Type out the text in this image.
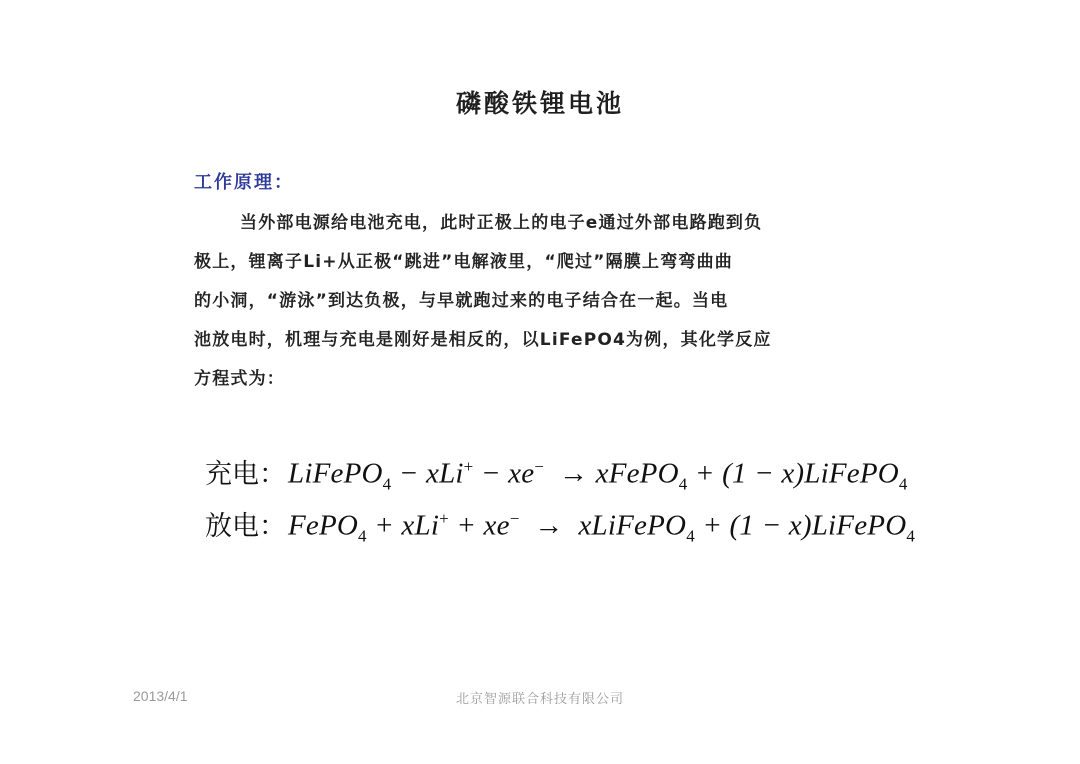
磷酸铁锂电池
工作原理：
当外部电源给电池充电，此时正极上的电子e通过外部电路跑到负
极上，锂离子Li+从正极“跳进”电解液里，“爬过”隔膜上弯弯曲曲
的小洞，“游泳”到达负极，与早就跑过来的电子结合在一起。当电
池放电时，机理与充电是刚好是相反的，以LiFePO4为例，其化学反应
方程式为：
充电： LiFePO$_4$ − xLi+ − xe−  → xFePO$_4$ + (1 − x)LiFePO$_4$
放电： FePO$_4$ + xLi+ + xe−  →  xLiFePO$_4$ + (1 − x)LiFePO$_4$
2013/4/1	北京智源联合科技有限公司
